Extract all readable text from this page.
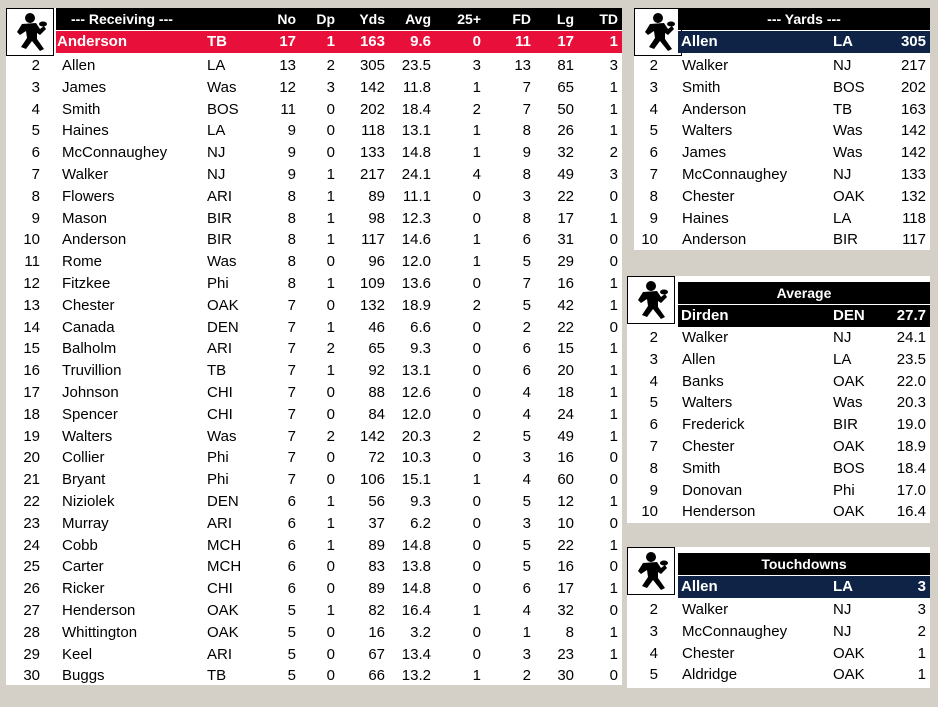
--- Receiving ---	No	Dp	Yds	Avg	25+	FD	Lg	TD
Anderson	TB	17	1	163	9.6	0	11	17	1
2 Allen	LA	13	2	305	23.5	3	13	81	3
3 James	Was	12	3	142	11.8	1	7	65	1
4 Smith	BOS	11	0	202	18.4	2	7	50	1
5 Haines	LA	9	0	118	13.1	1	8	26	1
6 McConnaughey	NJ	9	0	133	14.8	1	9	32	2
7 Walker	NJ	9	1	217	24.1	4	8	49	3
8 Flowers	ARI	8	1	89	11.1	0	3	22	0
9 Mason	BIR	8	1	98	12.3	0	8	17	1
10 Anderson	BIR	8	1	117	14.6	1	6	31	0
11 Rome	Was	8	0	96	12.0	1	5	29	0
12 Fitzkee	Phi	8	1	109	13.6	0	7	16	1
13 Chester	OAK	7	0	132	18.9	2	5	42	1
14 Canada	DEN	7	1	46	6.6	0	2	22	0
15 Balholm	ARI	7	2	65	9.3	0	6	15	1
16 Truvillion	TB	7	1	92	13.1	0	6	20	1
17 Johnson	CHI	7	0	88	12.6	0	4	18	1
18 Spencer	CHI	7	0	84	12.0	0	4	24	1
19 Walters	Was	7	2	142	20.3	2	5	49	1
20 Collier	Phi	7	0	72	10.3	0	3	16	0
21 Bryant	Phi	7	0	106	15.1	1	4	60	0
22 Niziolek	DEN	6	1	56	9.3	0	5	12	1
23 Murray	ARI	6	1	37	6.2	0	3	10	0
24 Cobb	MCH	6	1	89	14.8	0	5	22	1
25 Carter	MCH	6	0	83	13.8	0	5	16	0
26 Ricker	CHI	6	0	89	14.8	0	6	17	1
27 Henderson	OAK	5	1	82	16.4	1	4	32	0
28 Whittington	OAK	5	0	16	3.2	0	1	8	1
29 Keel	ARI	5	0	67	13.4	0	3	23	1
30 Buggs	TB	5	0	66	13.2	1	2	30	0
--- Yards ---
Allen	LA	305
2 Walker	NJ	217
3 Smith	BOS	202
4 Anderson	TB	163
5 Walters	Was	142
6 James	Was	142
7 McConnaughey	NJ	133
8 Chester	OAK	132
9 Haines	LA	118
10 Anderson	BIR	117
Average
Dirden	DEN	27.7
2 Walker	NJ	24.1
3 Allen	LA	23.5
4 Banks	OAK	22.0
5 Walters	Was	20.3
6 Frederick	BIR	19.0
7 Chester	OAK	18.9
8 Smith	BOS	18.4
9 Donovan	Phi	17.0
10 Henderson	OAK	16.4
Touchdowns
Allen	LA	3
2 Walker	NJ	3
3 McConnaughey	NJ	2
4 Chester	OAK	1
5 Aldridge	OAK	1
